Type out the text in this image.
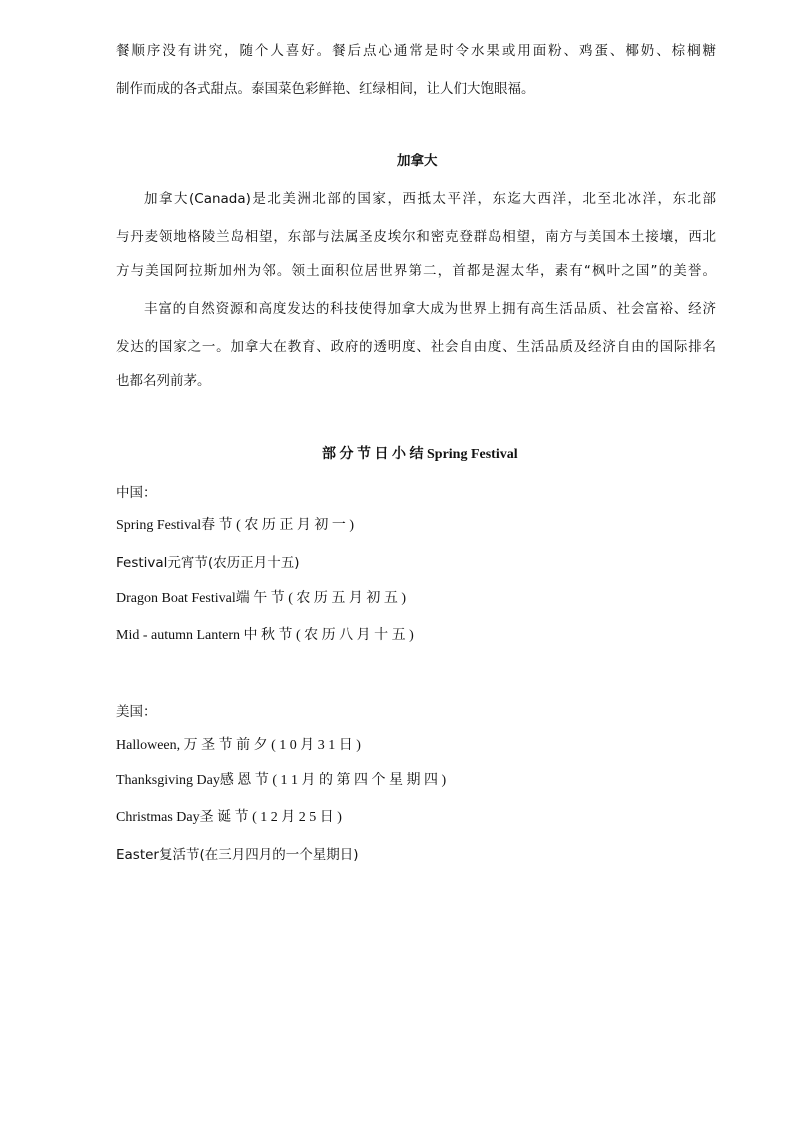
餐顺序没有讲究，随个人喜好。餐后点心通常是时令水果或用面粉、鸡蛋、椰奶、棕榈糖
制作而成的各式甜点。泰国菜色彩鲜艳、红绿相间，让人们大饱眼福。
加拿大
加拿大(Canada)是北美洲北部的国家，西抵太平洋，东迄大西洋，北至北冰洋，东北部
与丹麦领地格陵兰岛相望，东部与法属圣皮埃尔和密克登群岛相望，南方与美国本土接壤，西北
方与美国阿拉斯加州为邻。领土面积位居世界第二，首都是渥太华，素有“枫叶之国”的美誉。
丰富的自然资源和高度发达的科技使得加拿大成为世界上拥有高生活品质、社会富裕、经济
发达的国家之一。加拿大在教育、政府的透明度、社会自由度、生活品质及经济自由的国际排名
也都名列前茅。
部 分 节 日 小 结 Spring Festival
中国：
Spring Festival春 节 ( 农 历 正 月 初 一 )
Festival元宵节(农历正月十五)
Dragon Boat Festival端 午 节 ( 农 历 五 月 初 五 )
Mid - autumn Lantern 中 秋 节 ( 农 历 八 月 十 五 )
美国：
Halloween, 万 圣 节 前 夕 ( 1 0 月 3 1 日 )
Thanksgiving Day感 恩 节 ( 1 1 月 的 第 四 个 星 期 四 )
Christmas Day圣 诞 节 ( 1 2 月 2 5 日 )
Easter复活节(在三月四月的一个星期日)
